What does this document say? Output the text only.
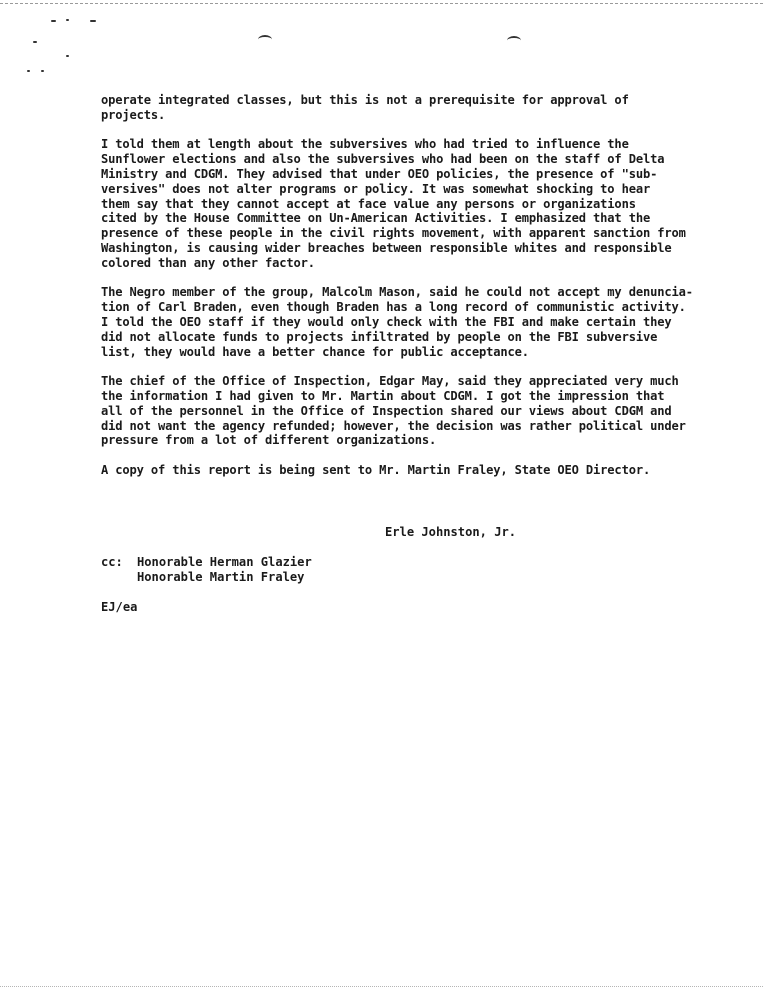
operate integrated classes, but this is not a prerequisite for approval of
projects.

I told them at length about the subversives who had tried to influence the
Sunflower elections and also the subversives who had been on the staff of Delta
Ministry and CDGM. They advised that under OEO policies, the presence of "sub-
versives" does not alter programs or policy. It was somewhat shocking to hear
them say that they cannot accept at face value any persons or organizations
cited by the House Committee on Un-American Activities. I emphasized that the
presence of these people in the civil rights movement, with apparent sanction from
Washington, is causing wider breaches between responsible whites and responsible
colored than any other factor.

The Negro member of the group, Malcolm Mason, said he could not accept my denuncia-
tion of Carl Braden, even though Braden has a long record of communistic activity.
I told the OEO staff if they would only check with the FBI and make certain they
did not allocate funds to projects infiltrated by people on the FBI subversive
list, they would have a better chance for public acceptance.

The chief of the Office of Inspection, Edgar May, said they appreciated very much
the information I had given to Mr. Martin about CDGM. I got the impression that
all of the personnel in the Office of Inspection shared our views about CDGM and
did not want the agency refunded; however, the decision was rather political under
pressure from a lot of different organizations.

A copy of this report is being sent to Mr. Martin Fraley, State OEO Director.

Erle Johnston, Jr.
cc:	Honorable Herman Glazier
Honorable Martin Fraley
EJ/ea
